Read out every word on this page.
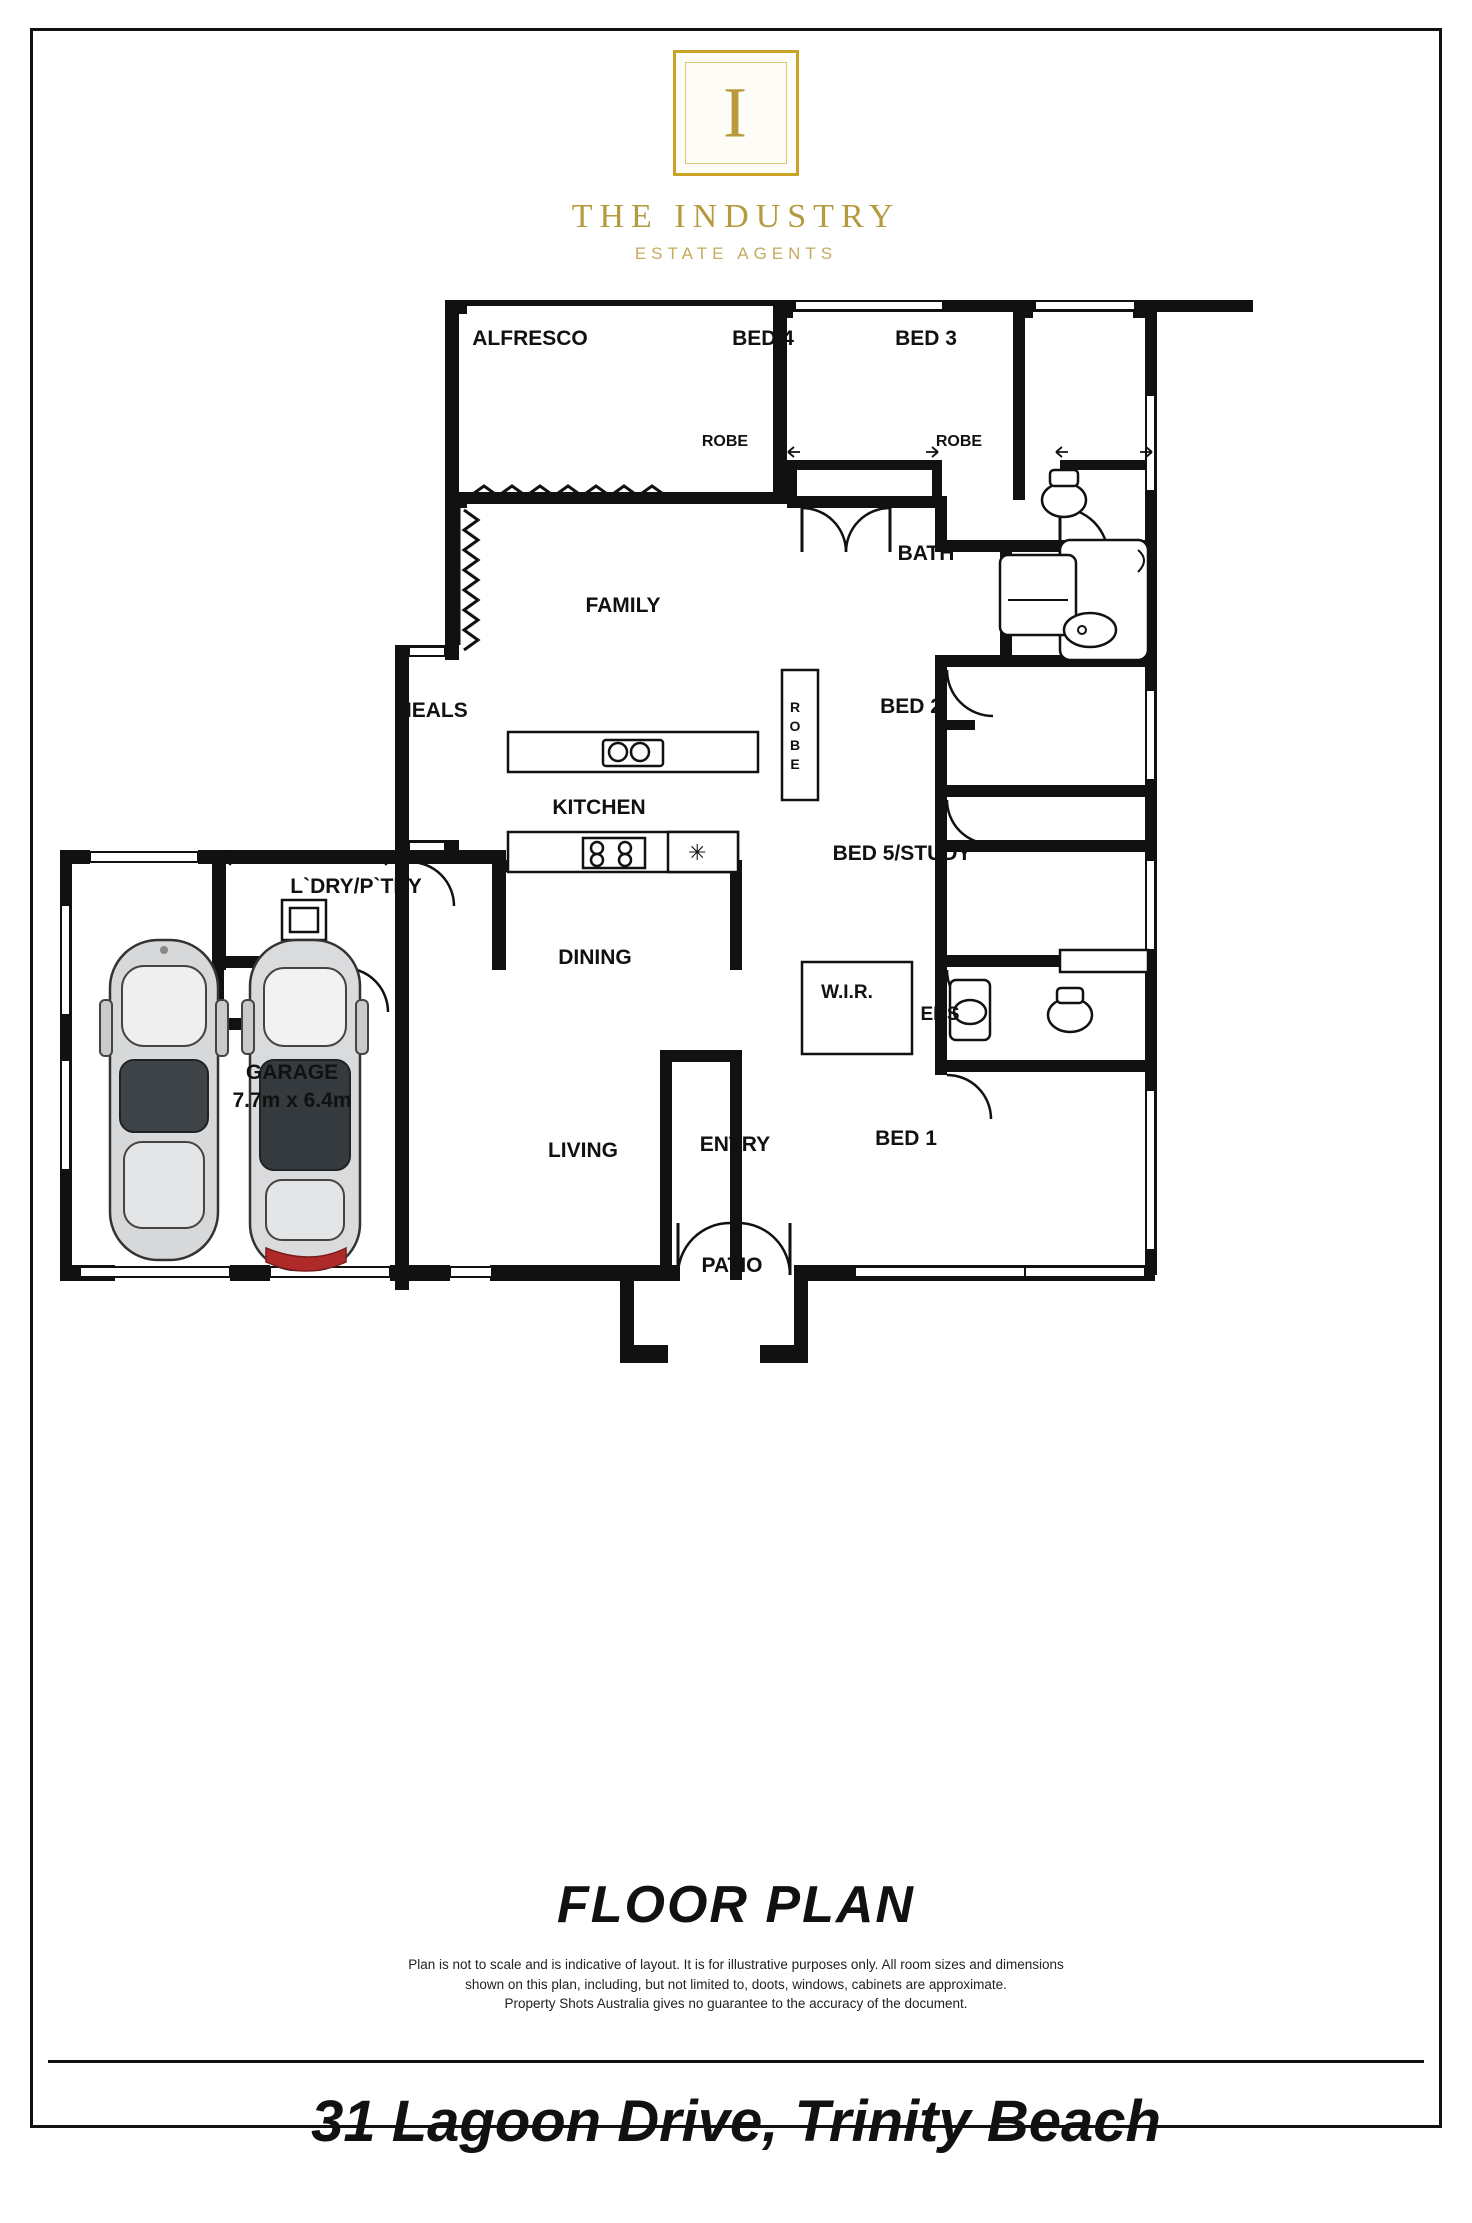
I
THE INDUSTRY
ESTATE AGENTS
✳
ALFRESCO	BED 4	BED 3
ROBE	ROBE
BATH
FAMILY
MEALS	BED 2
R O B E
KITCHEN
BED 5/STUDY
L`DRY/P`TRY
DINING
W.I.R.
ENS
BED 1
LIVING	ENTRY
PATIO
GARAGE
7.7m x 6.4m
FLOOR PLAN
Plan is not to scale and is indicative of layout. It is for illustrative purposes only. All room sizes and dimensions
shown on this plan, including, but not limited to, doots, windows, cabinets are approximate.
Property Shots Australia gives no guarantee to the accuracy of the document.
31 Lagoon Drive, Trinity Beach
